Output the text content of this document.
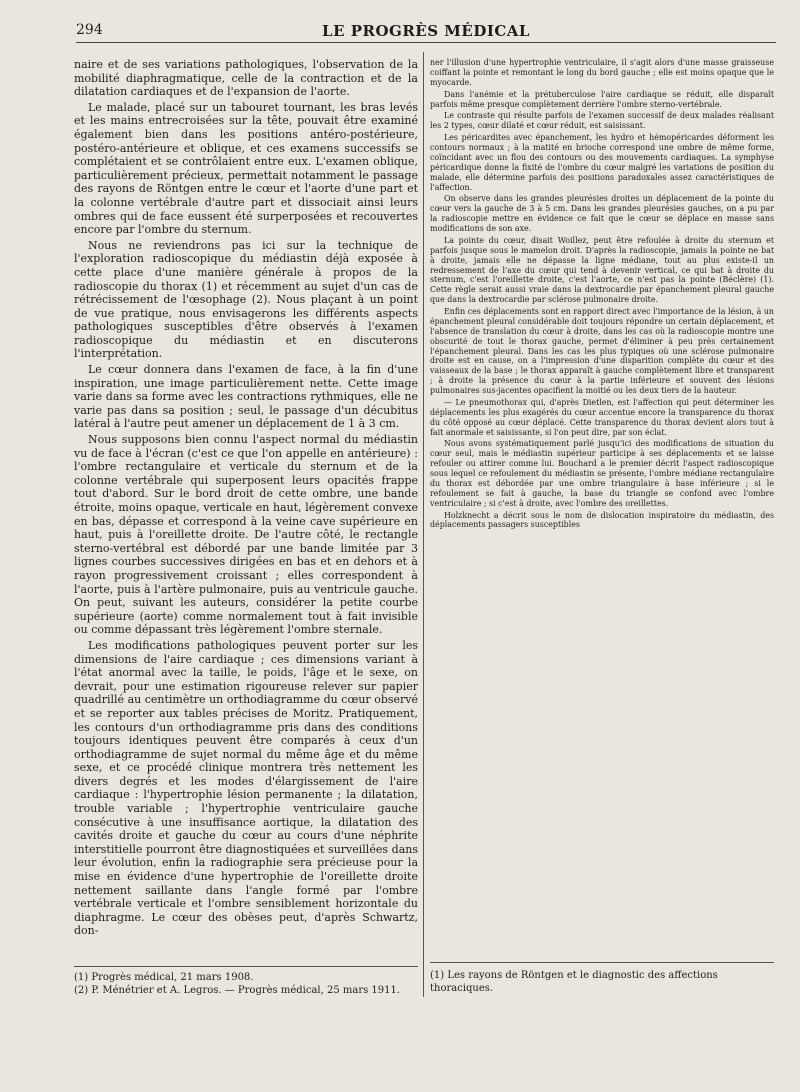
294	LE PROGRÈS MÉDICAL

naire et de ses variations pathologiques, l'observation de la mobilité diaphragmatique, celle de la contraction et de la dilatation cardiaques et de l'expansion de l'aorte.

Le malade, placé sur un tabouret tournant, les bras levés et les mains entrecroisées sur la tête, pouvait être examiné également bien dans les positions antéro-postérieure, postéro-antérieure et oblique, et ces examens successifs se complétaient et se contrôlaient entre eux. L'examen oblique, particulièrement précieux, permettait notamment le passage des rayons de Röntgen entre le cœur et l'aorte d'une part et la colonne vertébrale d'autre part et dissociait ainsi leurs ombres qui de face eussent été surperposées et recouvertes encore par l'ombre du sternum.

Nous ne reviendrons pas ici sur la technique de l'exploration radioscopique du médiastin déjà exposée à cette place d'une manière générale à propos de la radioscopie du thorax (1) et récemment au sujet d'un cas de rétrécissement de l'œsophage (2). Nous plaçant à un point de vue pratique, nous envisagerons les différents aspects pathologiques susceptibles d'être observés à l'examen radioscopique du médiastin et en discuterons l'interprétation.

Le cœur donnera dans l'examen de face, à la fin d'une inspiration, une image particulièrement nette. Cette image varie dans sa forme avec les contractions rythmiques, elle ne varie pas dans sa position ; seul, le passage d'un décubitus latéral à l'autre peut amener un déplacement de 1 à 3 cm.

Nous supposons bien connu l'aspect normal du médiastin vu de face à l'écran (c'est ce que l'on appelle en antérieure) : l'ombre rectangulaire et verticale du sternum et de la colonne vertébrale qui superposent leurs opacités frappe tout d'abord. Sur le bord droit de cette ombre, une bande étroite, moins opaque, verticale en haut, légèrement convexe en bas, dépasse et correspond à la veine cave supérieure en haut, puis à l'oreillette droite. De l'autre côté, le rectangle sterno-vertébral est débordé par une bande limitée par 3 lignes courbes successives dirigées en bas et en dehors et à rayon progressivement croissant ; elles correspondent à l'aorte, puis à l'artère pulmonaire, puis au ventricule gauche. On peut, suivant les auteurs, considérer la petite courbe supérieure (aorte) comme normalement tout à fait invisible ou comme dépassant très légèrement l'ombre sternale.

Les modifications pathologiques peuvent porter sur les dimensions de l'aire cardiaque ; ces dimensions variant à l'état anormal avec la taille, le poids, l'âge et le sexe, on devrait, pour une estimation rigoureuse relever sur papier quadrillé au centimètre un orthodiagramme du cœur observé et se reporter aux tables précises de Moritz. Pratiquement, les contours d'un orthodiagramme pris dans des conditions toujours identiques peuvent être comparés à ceux d'un orthodiagramme de sujet normal du même âge et du même sexe, et ce procédé clinique montrera très nettement les divers degrés et les modes d'élargissement de l'aire cardiaque : l'hypertrophie lésion permanente ; la dilatation, trouble variable ; l'hypertrophie ventriculaire gauche consécutive à une insuffisance aortique, la dilatation des cavités droite et gauche du cœur au cours d'une néphrite interstitielle pourront être diagnostiquées et surveillées dans leur évolution, enfin la radiographie sera précieuse pour la mise en évidence d'une hypertrophie de l'oreillette droite nettement saillante dans l'angle formé par l'ombre vertébrale verticale et l'ombre sensiblement horizontale du diaphragme. Le cœur des obèses peut, d'après Schwartz, don-

ner l'illusion d'une hypertrophie ventriculaire, il s'agit alors d'une masse graisseuse coiffant la pointe et remontant le long du bord gauche ; elle est moins opaque que le myocarde.

Dans l'anémie et la prétuberculose l'aire cardiaque se réduit, elle disparaît parfois même presque complètement derrière l'ombre sterno-vertébrale.

Le contraste qui résulte parfois de l'examen successif de deux malades réalisant les 2 types, cœur dilaté et cœur réduit, est saisissant.

Les péricardites avec épanchement, les hydro et hémopéricardes déforment les contours normaux ; à la matité en brioche correspond une ombre de même forme, coïncidant avec un flou des contours ou des mouvements cardiaques. La symphyse péricardique donne la fixité de l'ombre du cœur malgré les variations de position du malade, elle détermine parfois des positions paradoxales assez caractéristiques de l'affection.

On observe dans les grandes pleurésies droites un déplacement de la pointe du cœur vers la gauche de 3 à 5 cm. Dans les grandes pleurésies gauches, on a pu par la radioscopie mettre en évidence ce fait que le cœur se déplace en masse sans modifications de son axe.

La pointe du cœur, disait Woillez, peut être refoulée à droite du sternum et parfois jusque sous le mamelon droit. D'après la radioscopie, jamais la pointe ne bat à droite, jamais elle ne dépasse la ligne médiane, tout au plus existe-il un redressement de l'axe du cœur qui tend à devenir vertical, ce qui bat à droite du sternum, c'est l'oreillette droite, c'est l'aorte, ce n'est pas la pointe (Béclère) (1). Cette règle serait aussi vraie dans la dextrocardie par épanchement pleural gauche que dans la dextrocardie par sclérose pulmonaire droite.

Enfin ces déplacements sont en rapport direct avec l'importance de la lésion, à un épanchement pleural considérable doit toujours répondre un certain déplacement, et l'absence de translation du cœur à droite, dans les cas où la radioscopie montre une obscurité de tout le thorax gauche, permet d'éliminer à peu près certainement l'épanchement pleural. Dans les cas les plus typiques où une sclérose pulmonaire droite est en cause, on a l'impression d'une disparition complète du cœur et des vaisseaux de la base ; le thorax apparaît à gauche complètement libre et transparent ; à droite la présence du cœur à la partie inférieure et souvent des lésions pulmonaires sus-jacentes opacifient la moitié ou les deux tiers de la hauteur.

— Le pneumothorax qui, d'après Dietlen, est l'affection qui peut déterminer les déplacements les plus exagérés du cœur accentue encore la transparence du thorax du côté opposé au cœur déplacé. Cette transparence du thorax devient alors tout à fait anormale et saisissante, si l'on peut dire, par son éclat.

Nous avons systématiquement parlé jusqu'ici des modifications de situation du cœur seul, mais le médiastin supérieur participe à ses déplacements et se laisse refouler ou attirer comme lui. Bouchard a le premier décrit l'aspect radioscopique sous lequel ce refoulement du médiastin se présente, l'ombre médiane rectangulaire du thorax est débordée par une ombre triangulaire à base inférieure ; si le refoulement se fait à gauche, la base du triangle se confond avec l'ombre ventriculaire ; si c'est à droite, avec l'ombre des oreillettes.

Holzknecht a décrit sous le nom de dislocation inspiratoire du médiastin, des déplacements passagers susceptibles

(1) Progrès médical, 21 mars 1908.

(2) P. Ménétrier et A. Legros. — Progrès médical, 25 mars 1911.

(1) Les rayons de Röntgen et le diagnostic des affections thoraciques.
